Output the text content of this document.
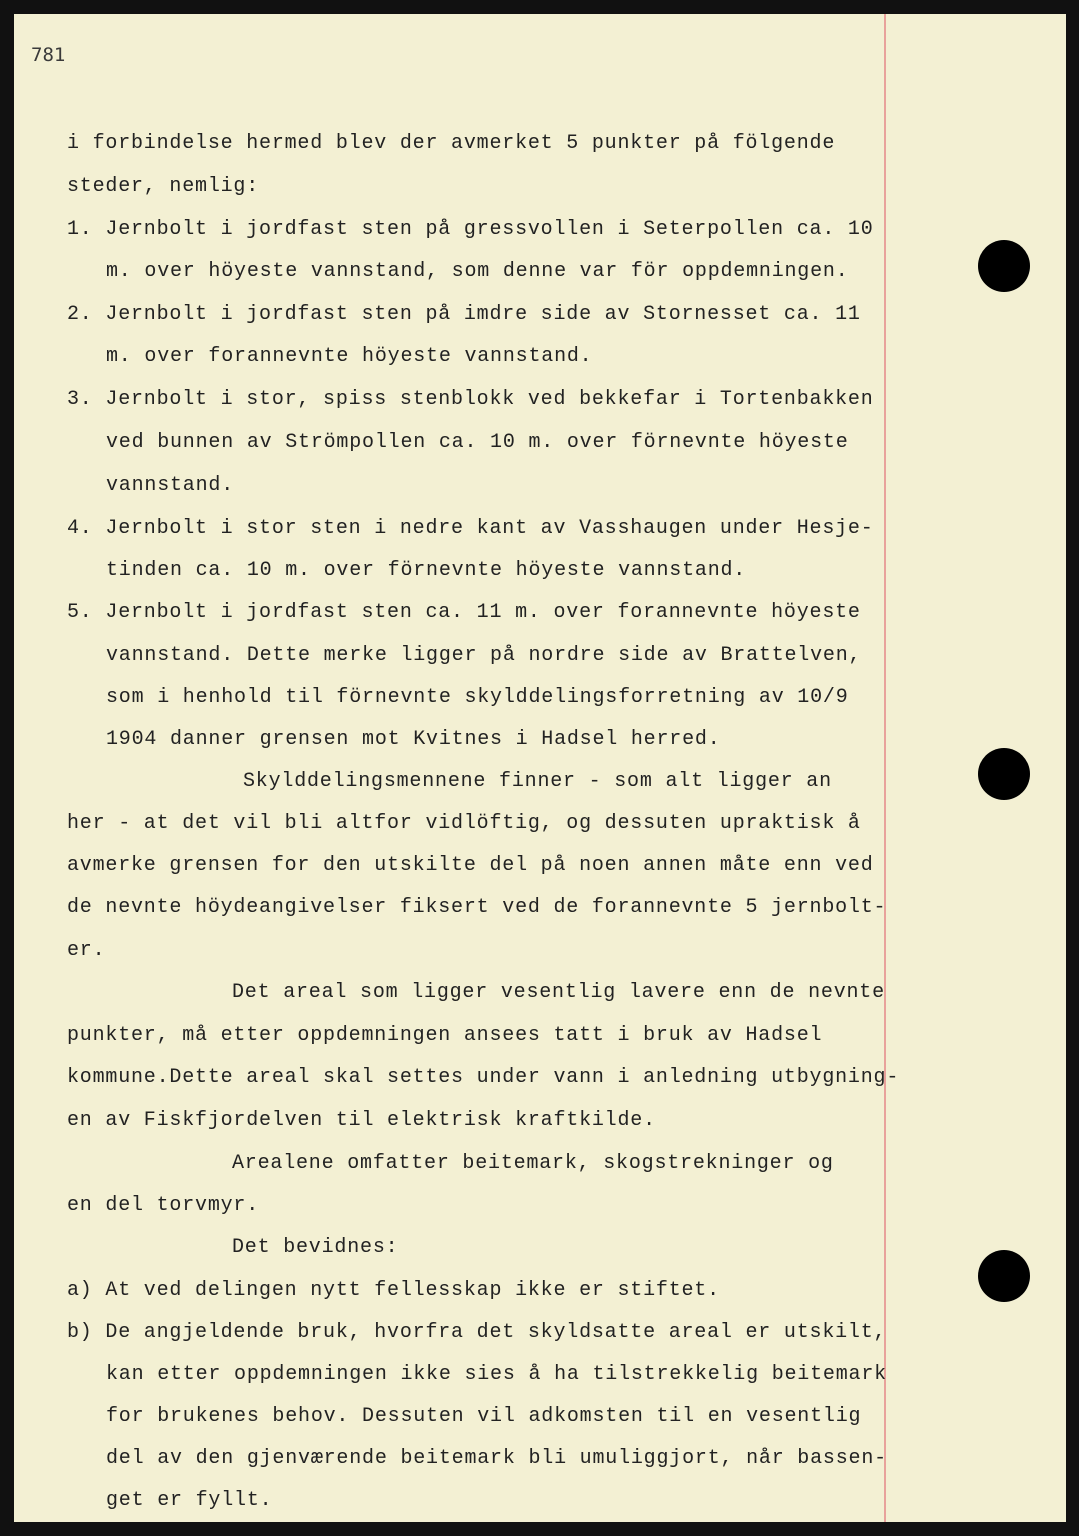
781
i forbindelse hermed blev der avmerket 5 punkter på fölgende
steder, nemlig:
1. Jernbolt i jordfast sten på gressvollen i Seterpollen ca. 10
m. over höyeste vannstand, som denne var för oppdemningen.
2. Jernbolt i jordfast sten på imdre side av Stornesset ca. 11
m. over forannevnte höyeste vannstand.
3. Jernbolt i stor, spiss stenblokk ved bekkefar i Tortenbakken
ved bunnen av Strömpollen ca. 10 m. over förnevnte höyeste
vannstand.
4. Jernbolt i stor sten i nedre kant av Vasshaugen under Hesje-
tinden ca. 10 m. over förnevnte höyeste vannstand.
5. Jernbolt i jordfast sten ca. 11 m. over forannevnte höyeste
vannstand. Dette merke ligger på nordre side av Brattelven,
som i henhold til förnevnte skylddelingsforretning av 10/9
1904 danner grensen mot Kvitnes i Hadsel herred.
Skylddelingsmennene finner - som alt ligger an
her - at det vil bli altfor vidlöftig, og dessuten upraktisk å
avmerke grensen for den utskilte del på noen annen måte enn ved
de nevnte höydeangivelser fiksert ved de forannevnte 5 jernbolt-
er.
Det areal som ligger vesentlig lavere enn de nevnte
punkter, må etter oppdemningen ansees tatt i bruk av Hadsel
kommune.Dette areal skal settes under vann i anledning utbygning-
en av Fiskfjordelven til elektrisk kraftkilde.
Arealene omfatter beitemark, skogstrekninger og
en del torvmyr.
Det bevidnes:
a) At ved delingen nytt fellesskap ikke er stiftet.
b) De angjeldende bruk, hvorfra det skyldsatte areal er utskilt,
kan etter oppdemningen ikke sies å ha tilstrekkelig beitemark
for brukenes behov. Dessuten vil adkomsten til en vesentlig
del av den gjenværende beitemark bli umuliggjort, når bassen-
get er fyllt.
